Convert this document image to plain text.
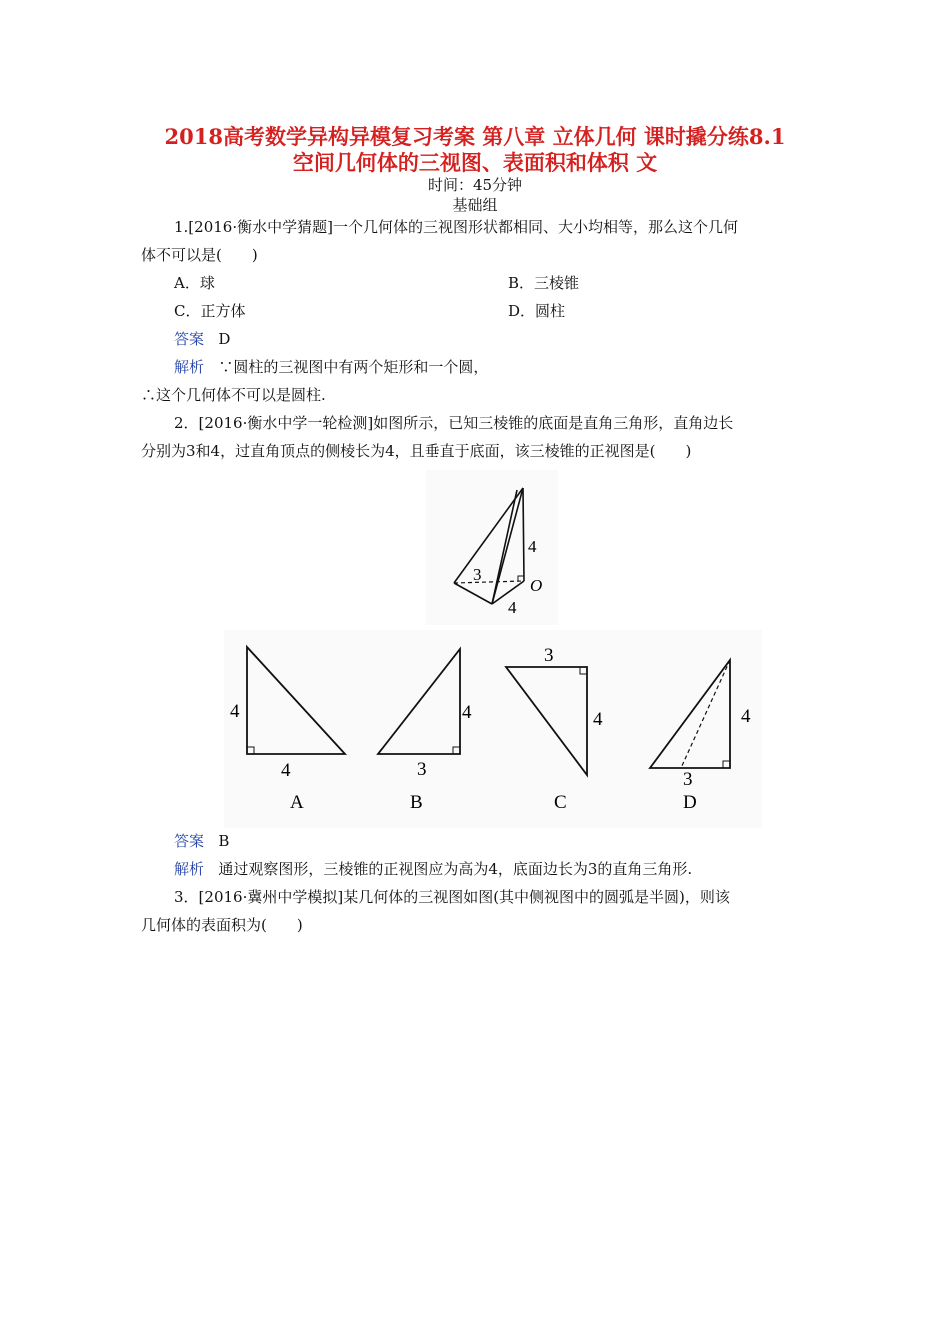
2018高考数学异构异模复习考案 第八章 立体几何 课时撬分练8.1
空间几何体的三视图、表面积和体积 文
时间：45分钟
基础组
1.[2016·衡水中学猜题]一个几何体的三视图形状都相同、大小均相等，那么这个几何
体不可以是(　　)
A．球	B．三棱锥
C．正方体	D．圆柱
答案 D
解析 ∵圆柱的三视图中有两个矩形和一个圆，
∴这个几何体不可以是圆柱.
2．[2016·衡水中学一轮检测]如图所示，已知三棱锥的底面是直角三角形，直角边长
分别为3和4，过直角顶点的侧棱长为4，且垂直于底面，该三棱锥的正视图是(　　)
3
4
4
O
4
4
A
4
3
B
3
4
C
4
3
D
答案 B
解析 通过观察图形，三棱锥的正视图应为高为4，底面边长为3的直角三角形.
3．[2016·冀州中学模拟]某几何体的三视图如图(其中侧视图中的圆弧是半圆)，则该
几何体的表面积为(　　)
